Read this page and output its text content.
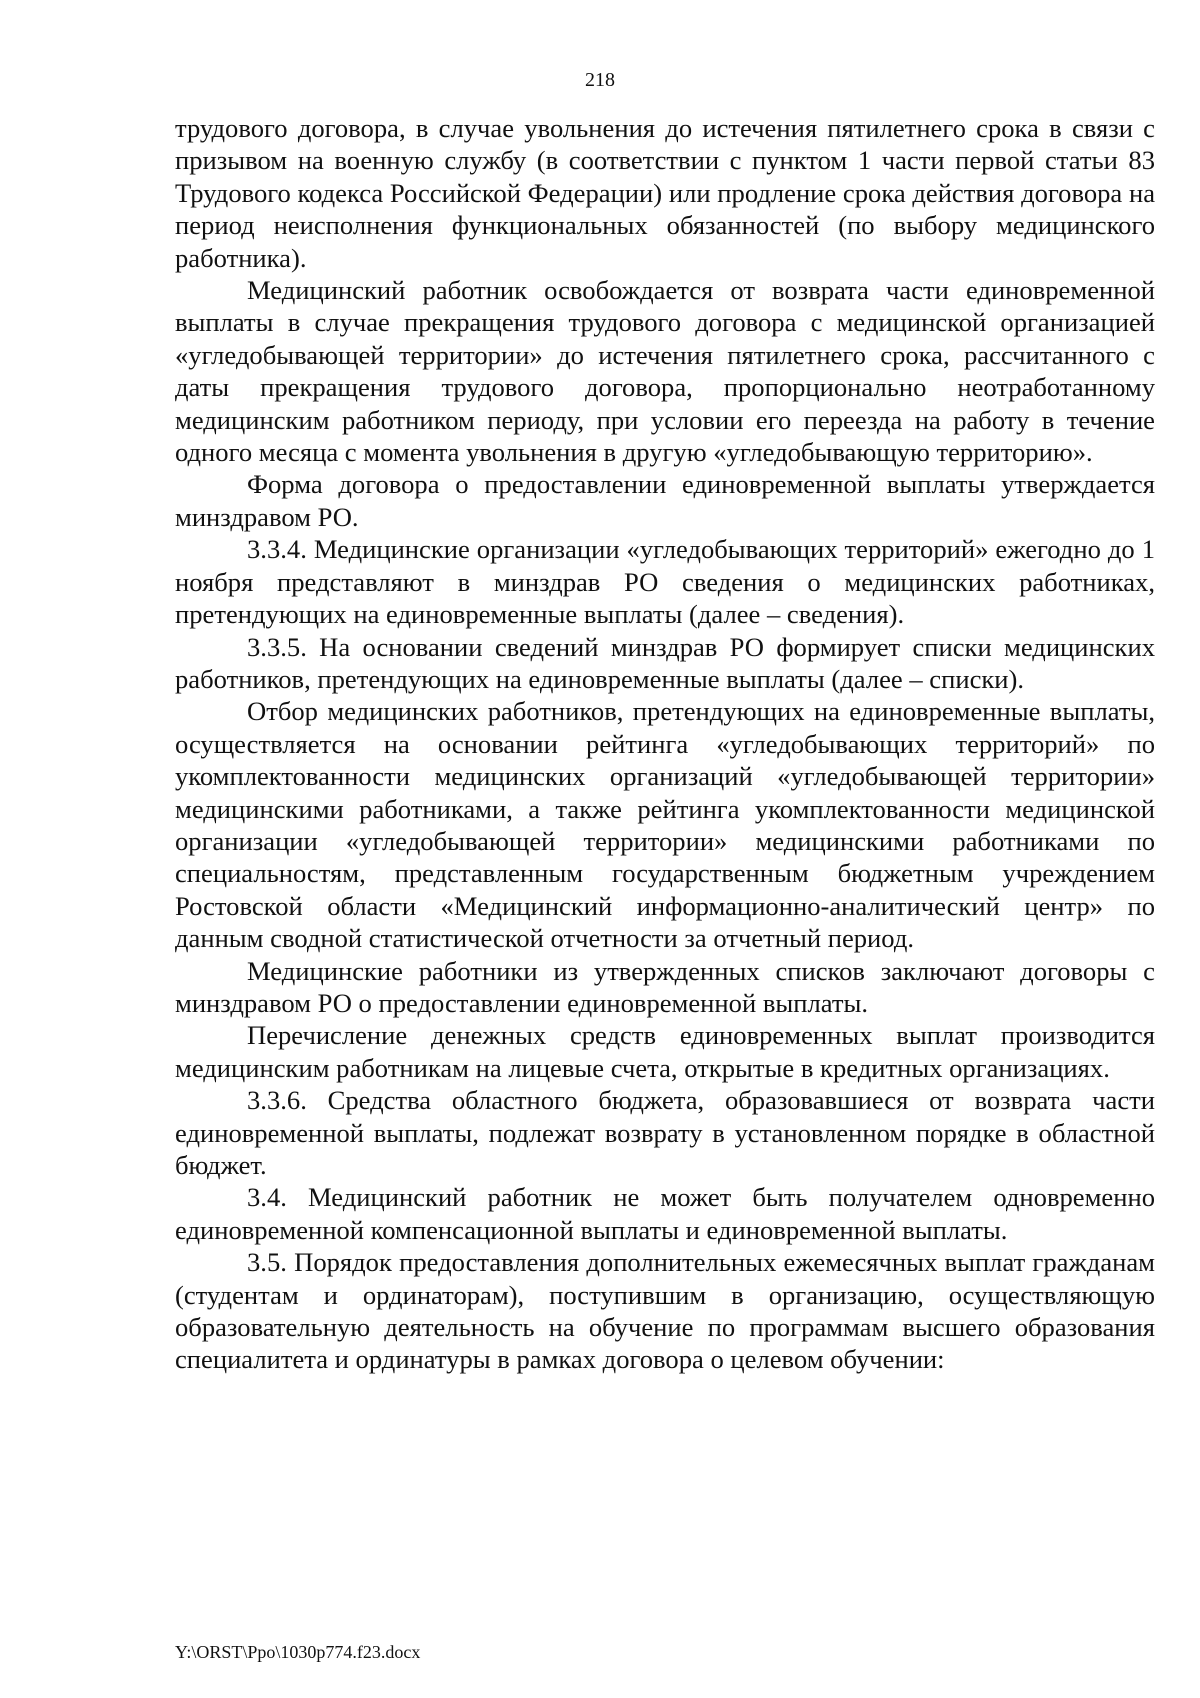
218

трудового договора, в случае увольнения до истечения пятилетнего срока в связи с призывом на военную службу (в соответствии с пунктом 1 части первой статьи 83 Трудового кодекса Российской Федерации) или продление срока действия договора на период неисполнения функциональных обязанностей (по выбору медицинского работника).

Медицинский работник освобождается от возврата части единовременной выплаты в случае прекращения трудового договора с медицинской организацией «угледобывающей территории» до истечения пятилетнего срока, рассчитанного с даты прекращения трудового договора, пропорционально неотработанному медицинским работником периоду, при условии его переезда на работу в течение одного месяца с момента увольнения в другую «угледобывающую территорию».

Форма договора о предоставлении единовременной выплаты утверждается минздравом РО.

3.3.4. Медицинские организации «угледобывающих территорий» ежегодно до 1 ноября представляют в минздрав РО сведения о медицинских работниках, претендующих на единовременные выплаты (далее – сведения).

3.3.5. На основании сведений минздрав РО формирует списки медицинских работников, претендующих на единовременные выплаты (далее – списки).

Отбор медицинских работников, претендующих на единовременные выплаты, осуществляется на основании рейтинга «угледобывающих территорий» по укомплектованности медицинских организаций «угледобывающей территории» медицинскими работниками, а также рейтинга укомплектованности медицинской организации «угледобывающей территории» медицинскими работниками по специальностям, представленным государственным бюджетным учреждением Ростовской области «Медицинский информационно-аналитический центр» по данным сводной статистической отчетности за отчетный период.

Медицинские работники из утвержденных списков заключают договоры с минздравом РО о предоставлении единовременной выплаты.

Перечисление денежных средств единовременных выплат производится медицинским работникам на лицевые счета, открытые в кредитных организациях.

3.3.6. Средства областного бюджета, образовавшиеся от возврата части единовременной выплаты, подлежат возврату в установленном порядке в областной бюджет.

3.4. Медицинский работник не может быть получателем одновременно единовременной компенсационной выплаты и единовременной выплаты.

3.5. Порядок предоставления дополнительных ежемесячных выплат гражданам (студентам и ординаторам), поступившим в организацию, осуществляющую образовательную деятельность на обучение по программам высшего образования специалитета и ординатуры в рамках договора о целевом обучении:

Y:\ORST\Ppo\1030p774.f23.docx
